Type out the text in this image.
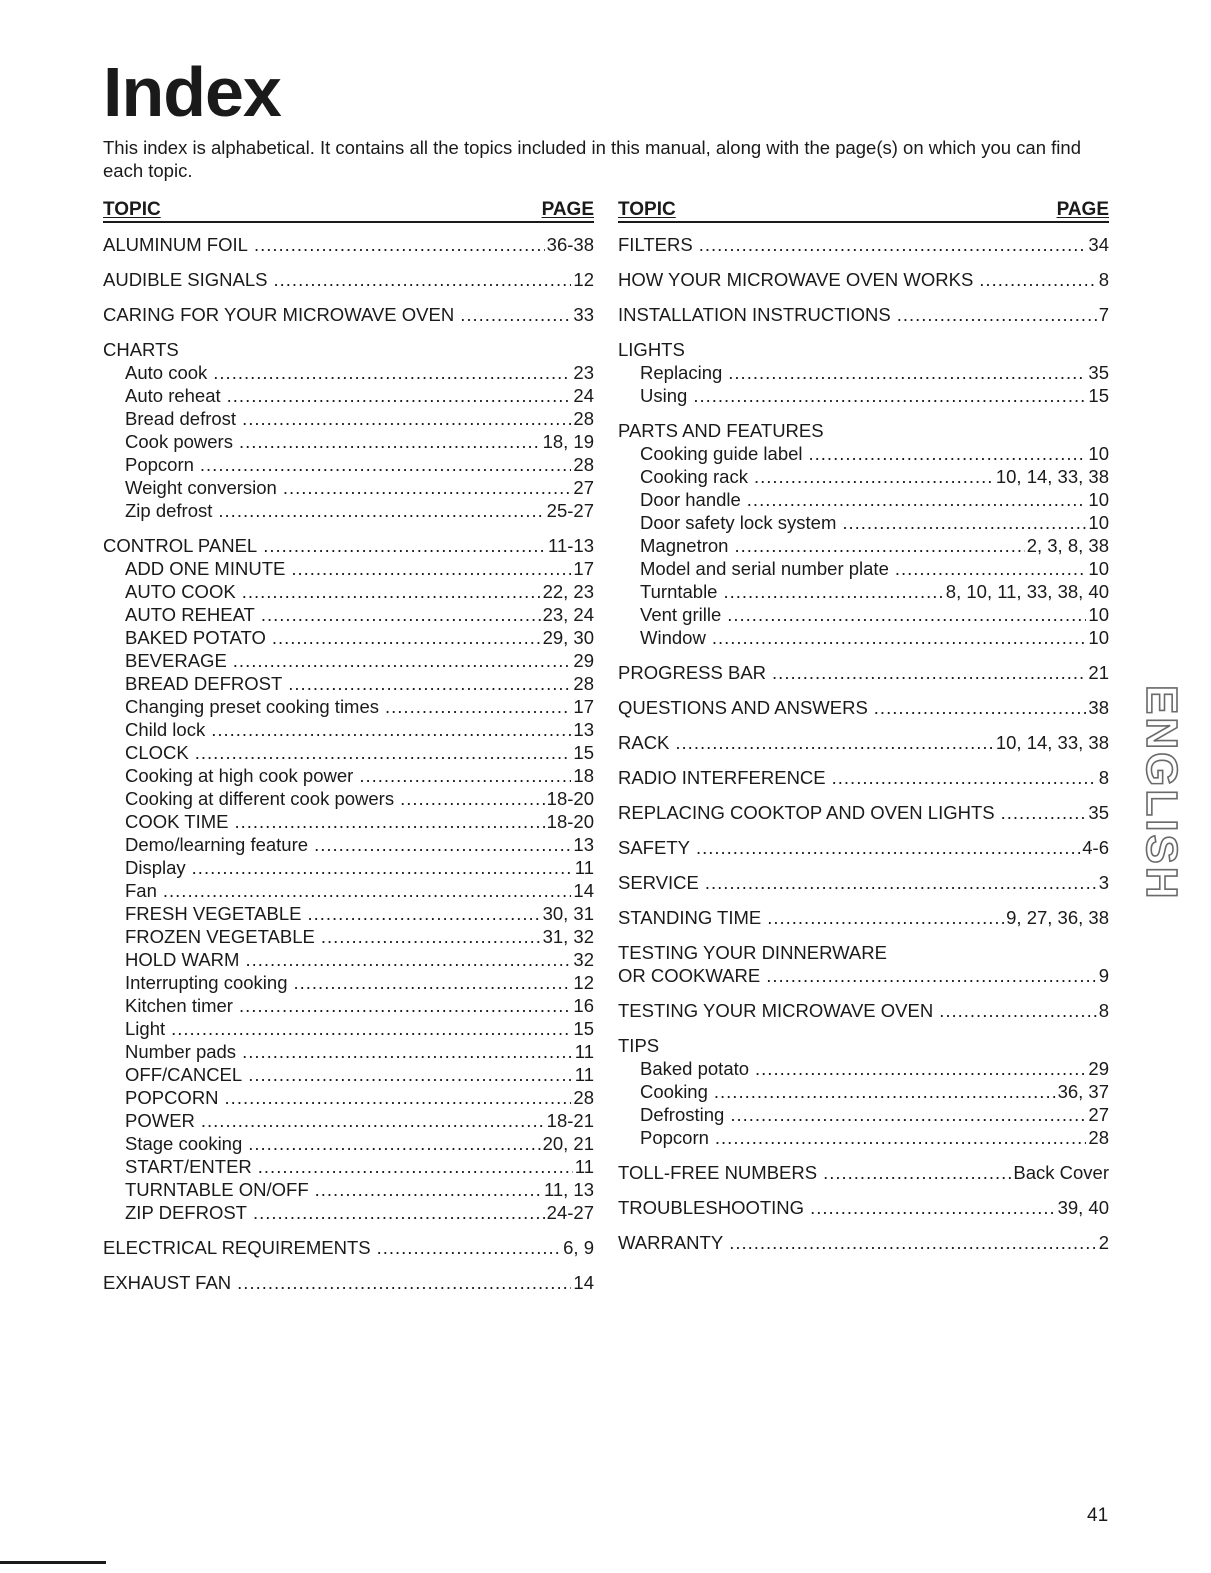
Index
This index is alphabetical. It contains all the topics included in this manual, along with the page(s) on which you can find each topic.
TOPIC	PAGE
ALUMINUM FOIL .....	36-38
AUDIBLE SIGNALS .....	12
CARING FOR YOUR MICROWAVE OVEN .....	33
CHARTS
Auto cook .....	23
Auto reheat .....	24
Bread defrost .....	28
Cook powers .....	18, 19
Popcorn .....	28
Weight conversion .....	27
Zip defrost .....	25-27
CONTROL PANEL .....	11-13
ADD ONE MINUTE .....	17
AUTO COOK .....	22, 23
AUTO REHEAT .....	23, 24
BAKED POTATO .....	29, 30
BEVERAGE .....	29
BREAD DEFROST .....	28
Changing preset cooking times .....	17
Child lock .....	13
CLOCK .....	15
Cooking at high cook power .....	18
Cooking at different cook powers .....	18-20
COOK TIME .....	18-20
Demo/learning feature .....	13
Display .....	11
Fan .....	14
FRESH VEGETABLE .....	30, 31
FROZEN VEGETABLE .....	31, 32
HOLD WARM .....	32
Interrupting cooking .....	12
Kitchen timer .....	16
Light .....	15
Number pads .....	11
OFF/CANCEL .....	11
POPCORN .....	28
POWER .....	18-21
Stage cooking .....	20, 21
START/ENTER .....	11
TURNTABLE ON/OFF .....	11, 13
ZIP DEFROST .....	24-27
ELECTRICAL REQUIREMENTS .....	6, 9
EXHAUST FAN .....	14
TOPIC	PAGE
FILTERS .....	34
HOW YOUR MICROWAVE OVEN WORKS .....	8
INSTALLATION INSTRUCTIONS .....	7
LIGHTS
Replacing .....	35
Using .....	15
PARTS AND FEATURES
Cooking guide label .....	10
Cooking rack .....	10, 14, 33, 38
Door handle .....	10
Door safety lock system .....	10
Magnetron .....	2, 3, 8, 38
Model and serial number plate .....	10
Turntable .....	8, 10, 11, 33, 38, 40
Vent grille .....	10
Window .....	10
PROGRESS BAR .....	21
QUESTIONS AND ANSWERS .....	38
RACK .....	10, 14, 33, 38
RADIO INTERFERENCE .....	8
REPLACING COOKTOP AND OVEN LIGHTS .....	35
SAFETY .....	4-6
SERVICE .....	3
STANDING TIME .....	9, 27, 36, 38
TESTING YOUR DINNERWARE
OR COOKWARE .....	9
TESTING YOUR MICROWAVE OVEN .....	8
TIPS
Baked potato .....	29
Cooking .....	36, 37
Defrosting .....	27
Popcorn .....	28
TOLL-FREE NUMBERS .....	Back Cover
TROUBLESHOOTING .....	39, 40
WARRANTY .....	2
ENGLISH
41
